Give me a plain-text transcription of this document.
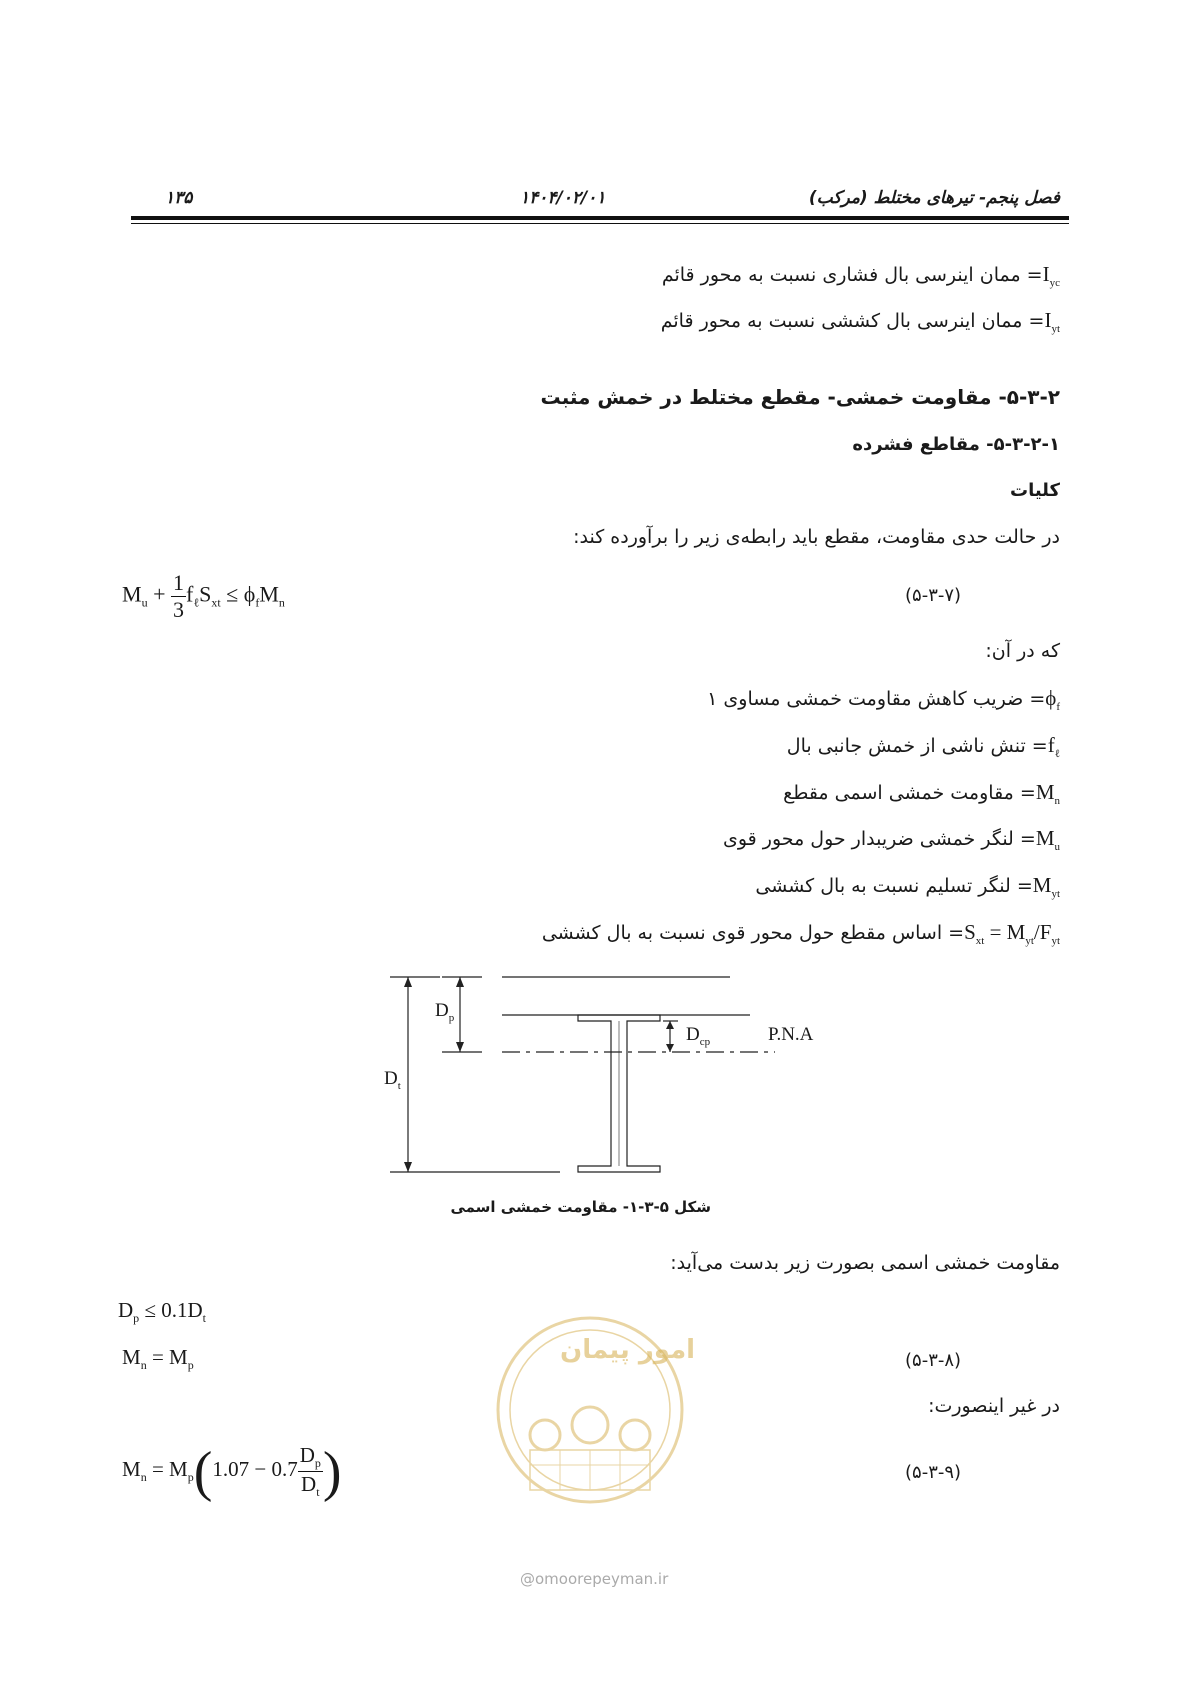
فصل پنجم- تیرهای مختلط (مرکب)
۱۴۰۴/۰۲/۰۱
۱۳۵
$I_{yc}=$ ممان اینرسی بال فشاری نسبت به محور قائم
$I_{yt}=$ ممان اینرسی بال کششی نسبت به محور قائم
۵-۳-۲- مقاومت خمشی- مقطع مختلط در خمش مثبت
۵-۳-۲-۱- مقاطع فشرده
کلیات
در حالت حدی مقاومت، مقطع باید رابطه‌ی زیر را برآورده کند:
$M_u + \frac{1}{3} f_\ell S_{xt} \le \phi_fM_n$	(۵-۳-۷)
که در آن:
$\phi_f=$ ضریب کاهش مقاومت خمشی مساوی ۱
$f_\ell=$ تنش ناشی از خمش جانبی بال
$M_n=$ مقاومت خمشی اسمی مقطع
$M_u=$ لنگر خمشی ضریبدار حول محور قوی
$M_{yt}=$ لنگر تسلیم نسبت به بال کششی
$S_{xt} = M_{yt}/F_{yt}=$ اساس مقطع حول محور قوی نسبت به بال کششی
$D_p$
$D_t$
$D_{cp}$	P.N.A
شکل ۵-۳-۱- مقاومت خمشی اسمی
مقاومت خمشی اسمی بصورت زیر بدست می‌آید:
$D_p \le 0.1D_t$
$M_n = M_p$	(۵-۳-۸)
در غیر اینصورت:
$M_n = M_p(1.07 - 0.7 \frac{D_p}{D_t}$ )	(۵-۳-۹)
امور پیمان
@omoorepeyman.ir
